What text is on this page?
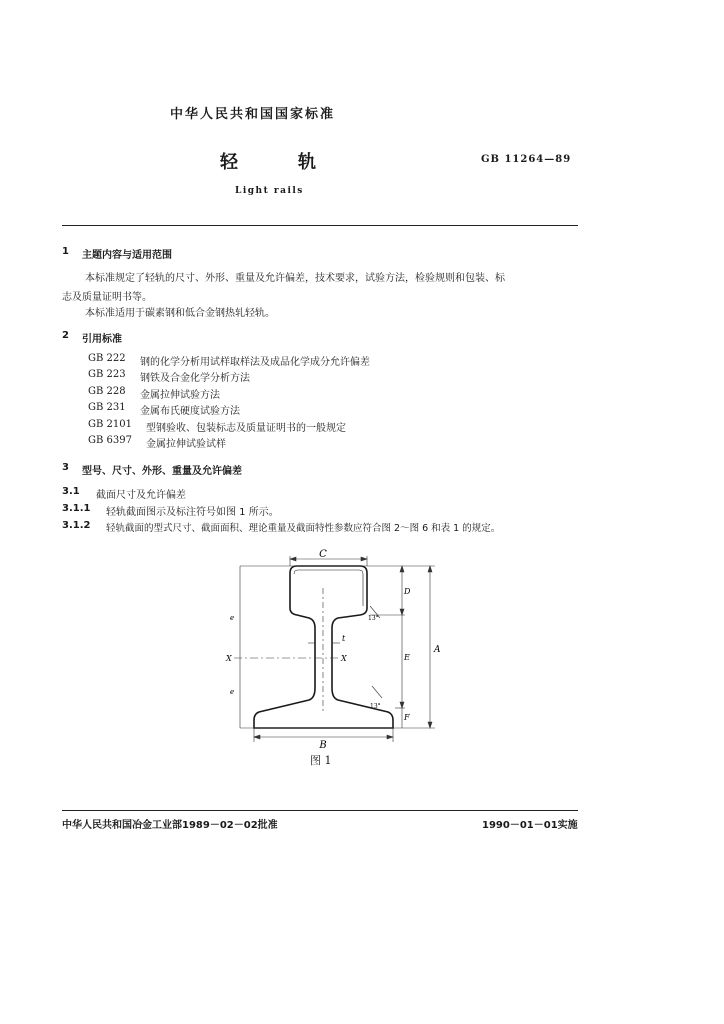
中华人民共和国国家标准
轻轨	GB 11264—89
Light rails
1 主题内容与适用范围
本标准规定了轻轨的尺寸、外形、重量及允许偏差，技术要求，试验方法，检验规则和包装、标
志及质量证明书等。
本标准适用于碳素钢和低合金钢热轧轻轨。
2 引用标准
GB 222 钢的化学分析用试样取样法及成品化学成分允许偏差
GB 223 钢铁及合金化学分析方法
GB 228 金属拉伸试验方法
GB 231 金属布氏硬度试验方法
GB 2101 型钢验收、包装标志及质量证明书的一般规定
GB 6397 金属拉伸试验试样
3 型号、尺寸、外形、重量及允许偏差
3.1 截面尺寸及允许偏差
3.1.1 轻轨截面图示及标注符号如图 1 所示。
3.1.2 轻轨截面的型式尺寸、截面面积、理论重量及截面特性参数应符合图 2～图 6 和表 1 的规定。
C
B
A
D
E
F
t
e
e
X	X
13°
13°
图 1
中华人民共和国冶金工业部1989－02－02批准	1990－01－01实施
